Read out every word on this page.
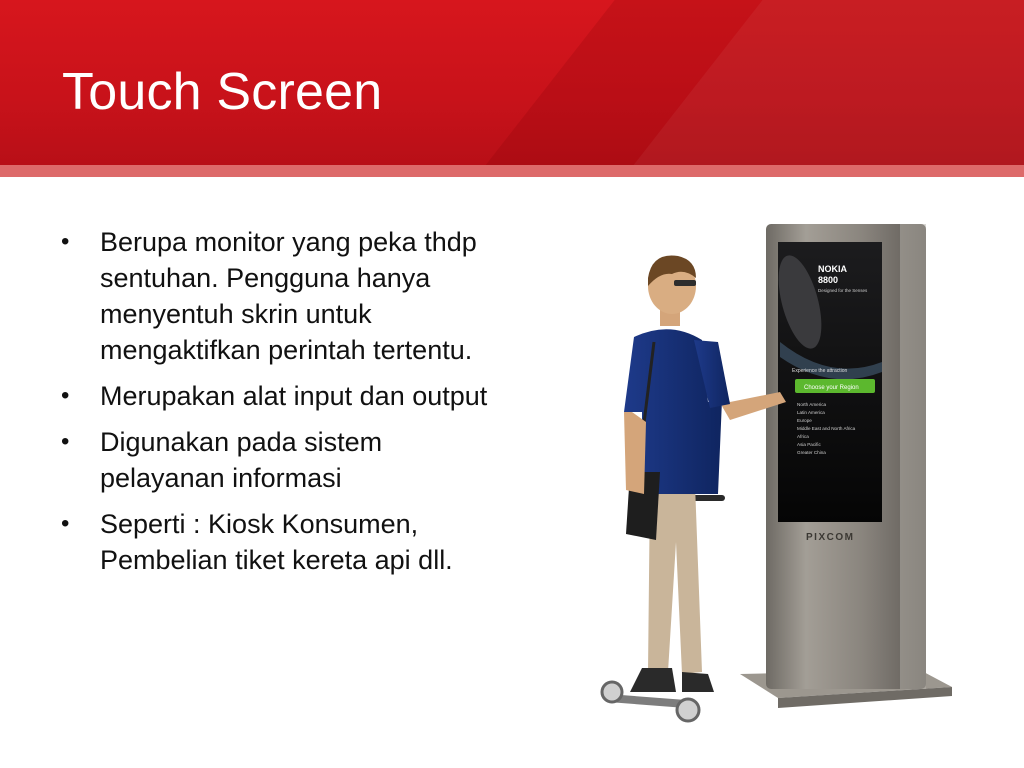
Touch Screen
• Berupa monitor yang peka thdp sentuhan. Pengguna hanya menyentuh skrin untuk mengaktifkan perintah tertentu.
• Merupakan alat input dan output
• Digunakan pada sistem pelayanan informasi
• Seperti : Kiosk Konsumen, Pembelian tiket kereta api dll.
NOKIA
8800
Designed for the Senses
Experience the attraction
Choose your Region
North America
Latin America
Europe
Middle East and North Africa
Africa
Asia Pacific
Greater China
PIXCOM
